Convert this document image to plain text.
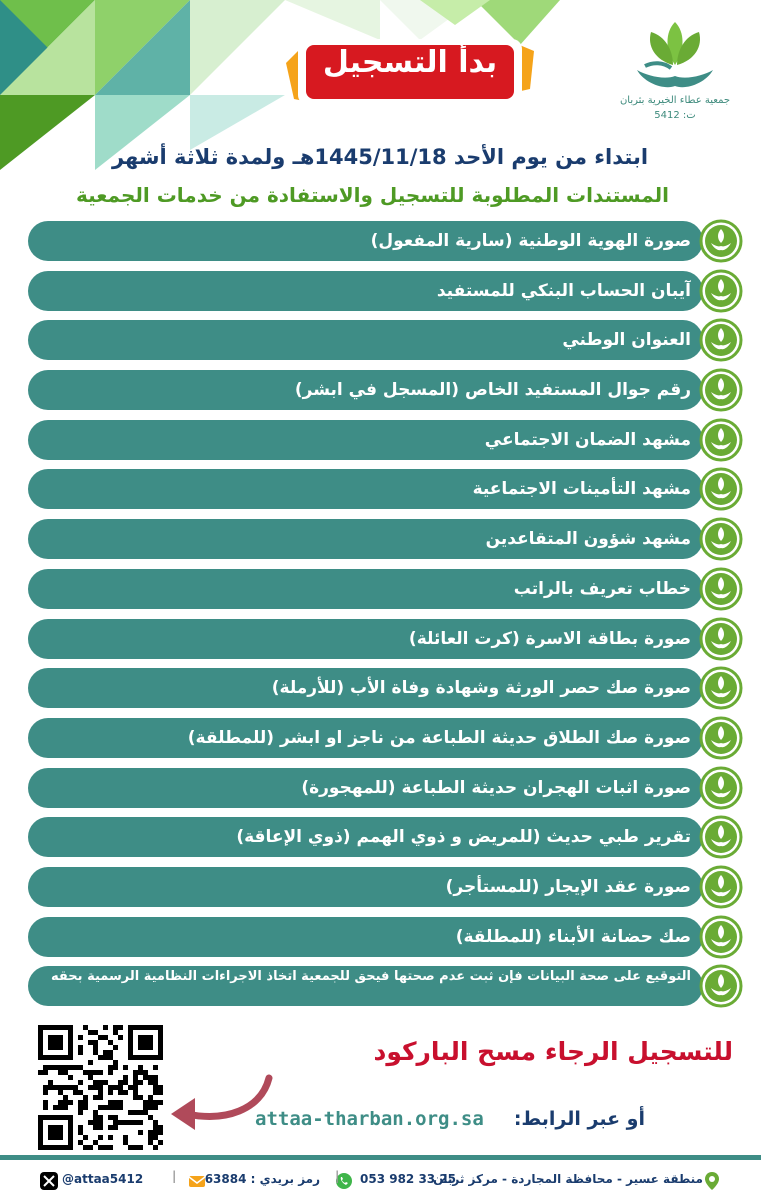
جمعية عطاء الخيرية بثربان
ت: 5412
بدأ التسجيل
ابتداء من يوم الأحد 1445/11/18هـ ولمدة ثلاثة أشهر
المستندات المطلوبة للتسجيل والاستفادة من خدمات الجمعية
صورة الهوية الوطنية (سارية المفعول)
آيبان الحساب البنكي للمستفيد
العنوان الوطني
رقم جوال المستفيد الخاص (المسجل في ابشر)
مشهد الضمان الاجتماعي
مشهد التأمينات الاجتماعية
مشهد شؤون المتقاعدين
خطاب تعريف بالراتب
صورة بطاقة الاسرة (كرت العائلة)
صورة صك حصر الورثة وشهادة وفاة الأب (للأرملة)
صورة صك الطلاق حديثة الطباعة من ناجز او ابشر (للمطلقة)
صورة اثبات الهجران حديثة الطباعة (للمهجورة)
تقرير طبي حديث (للمريض و ذوي الهمم (ذوي الإعاقة)
صورة عقد الإيجار (للمستأجر)
صك حضانة الأبناء (للمطلقة)
التوقيع على صحة البيانات فإن ثبت عدم صحتها فيحق للجمعية اتخاذ الاجراءات النظامية الرسمية بحقه
للتسجيل الرجاء مسح الباركود
أو عبر الرابط:
attaa-tharban.org.sa
منطقة عسير - محافظة المجاردة - مركز ثربان
053 982 33 25
|
رمز بريدي : 63884
|
@attaa5412
